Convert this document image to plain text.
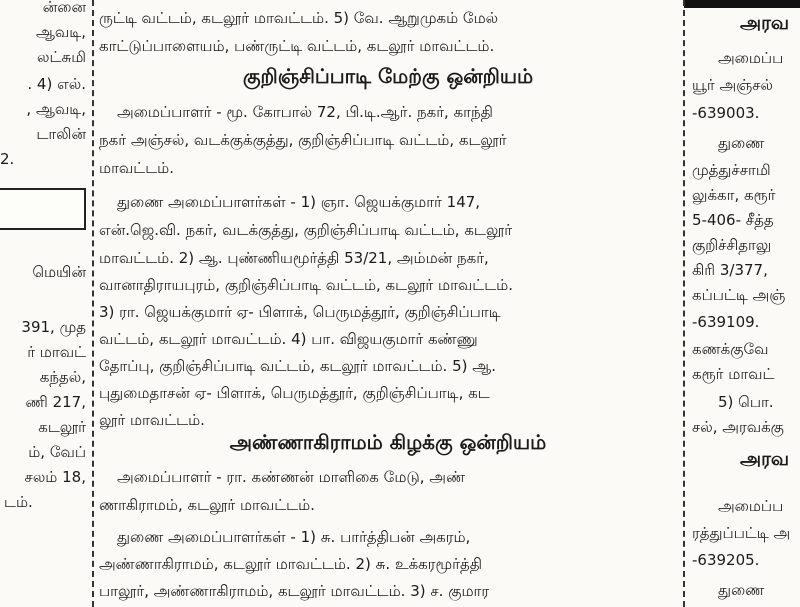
ன்னை
ஆவடி,
லட்சுமி
. 4) எல்.
, ஆவடி,
டாலின்
2.
மெயின்
391, முத
ர் மாவட்
கந்தல்,
ணி 217,
கடலூர்
ம், வேப்
சலம் 18,
டம்.
ருட்டி வட்டம், கடலூர் மாவட்டம். 5) வே. ஆறுமுகம் மேல்
காட்டுப்பாளையம், பண்ருட்டி வட்டம், கடலூர் மாவட்டம்.
குறிஞ்சிப்பாடி மேற்கு ஒன்றியம்
அமைப்பாளர் - மூ. கோபால் 72, பி.டி.ஆர். நகர், காந்தி
நகர் அஞ்சல், வடக்குக்குத்து, குறிஞ்சிப்பாடி வட்டம், கடலூர்
மாவட்டம்.
துணை அமைப்பாளர்கள் - 1) ஞா. ஜெயக்குமார் 147,
என்.ஜெ.வி. நகர், வடக்குத்து, குறிஞ்சிப்பாடி வட்டம், கடலூர்
மாவட்டம். 2) ஆ. புண்ணியமூர்த்தி 53/21, அம்மன் நகர்,
வானாதிராயபுரம், குறிஞ்சிப்பாடி வட்டம், கடலூர் மாவட்டம்.
3) ரா. ஜெயக்குமார் ஏ- பிளாக், பெருமத்தூர், குறிஞ்சிப்பாடி
வட்டம், கடலூர் மாவட்டம். 4) பா. விஜயகுமார் கண்ணு
தோப்பு, குறிஞ்சிப்பாடி வட்டம், கடலூர் மாவட்டம். 5) ஆ.
புதுமைதாசன் ஏ- பிளாக், பெருமத்தூர், குறிஞ்சிப்பாடி, கட
லூர் மாவட்டம்.
அண்ணாகிராமம் கிழக்கு ஒன்றியம்
அமைப்பாளர் - ரா. கண்ணன் மாளிகை மேடு, அண்
ணாகிராமம், கடலூர் மாவட்டம்.
துணை அமைப்பாளர்கள் - 1) சு. பார்த்திபன் அகரம்,
அண்ணாகிராமம், கடலூர் மாவட்டம். 2) சு. உக்கரமூர்த்தி
பாலூர், அண்ணாகிராமம், கடலூர் மாவட்டம். 3) ச. குமார
அரவ
அமைப்ப
யூர் அஞ்சல்
-639003.
துணை
முத்துச்சாமி
லுக்கா, கரூர்
5-406- சீத்த
குறிச்சிதாலு
கிரி 3/377,
கப்பட்டி அஞ்
-639109.
கணக்குவே
கரூர் மாவட்
5) பொ.
சல், அரவக்கு
அரவ
அமைப்ப
ரத்துப்பட்டி அ
-639205.
துணை
